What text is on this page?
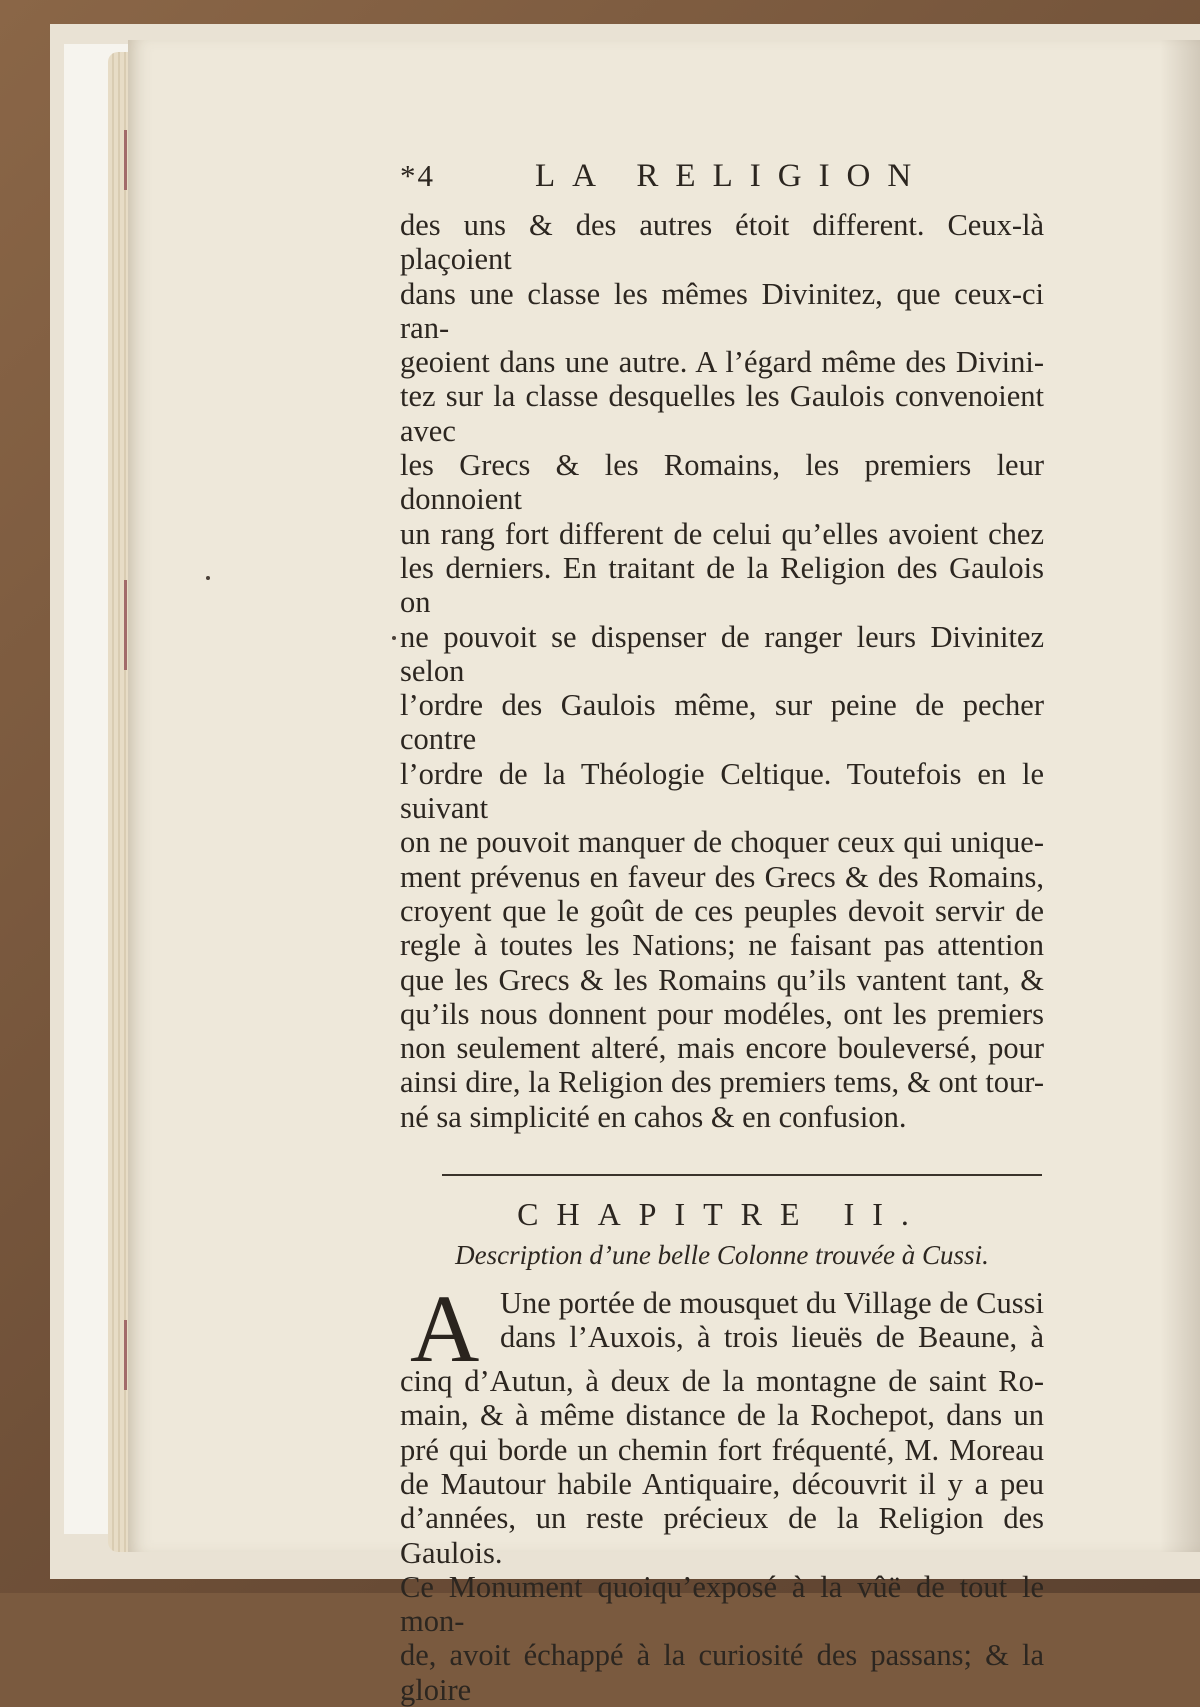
*4	LA RELIGION

des uns & des autres étoit different. Ceux-là plaçoient

dans une classe les mêmes Divinitez, que ceux-ci ran-

geoient dans une autre. A l’égard même des Divini-

tez sur la classe desquelles les Gaulois convenoient avec

les Grecs & les Romains, les premiers leur donnoient

un rang fort different de celui qu’elles avoient chez

les derniers. En traitant de la Religion des Gaulois on

ne pouvoit se dispenser de ranger leurs Divinitez selon

l’ordre des Gaulois même, sur peine de pecher contre

l’ordre de la Théologie Celtique. Toutefois en le suivant

on ne pouvoit manquer de choquer ceux qui unique-

ment prévenus en faveur des Grecs & des Romains,

croyent que le goût de ces peuples devoit servir de

regle à toutes les Nations; ne faisant pas attention

que les Grecs & les Romains qu’ils vantent tant, &

qu’ils nous donnent pour modéles, ont les premiers

non seulement alteré, mais encore bouleversé, pour

ainsi dire, la Religion des premiers tems, & ont tour-

né sa simplicité en cahos & en confusion.

CHAPITRE II.
Description d’une belle Colonne trouvée à Cussi.
A Une portée de mousquet du Village de Cussi

dans l’Auxois, à trois lieuës de Beaune, à

cinq d’Autun, à deux de la montagne de saint Ro-

main, & à même distance de la Rochepot, dans un

pré qui borde un chemin fort fréquenté, M. Moreau

de Mautour habile Antiquaire, découvrit il y a peu

d’années, un reste précieux de la Religion des Gaulois.

Ce Monument quoiqu’exposé à la vûë de tout le mon-

de, avoit échappé à la curiosité des passans; & la gloire
